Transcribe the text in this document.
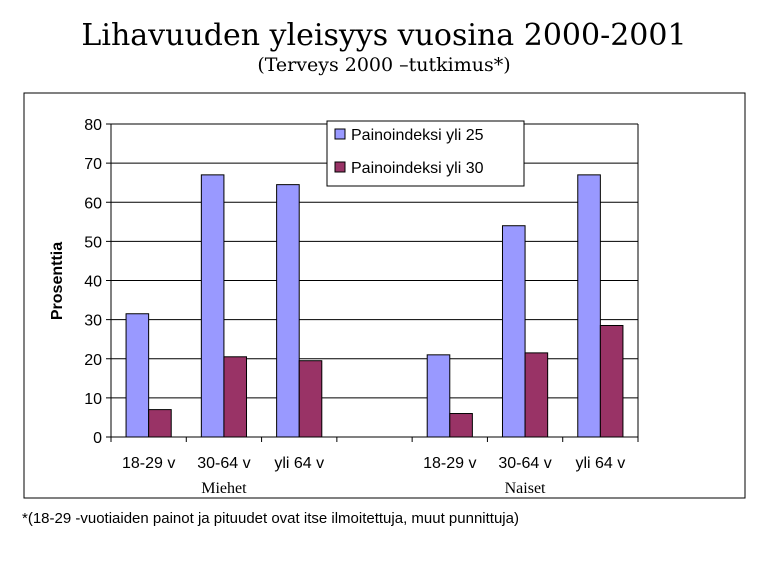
Lihavuuden yleisyys vuosina 2000-2001
(Terveys 2000 –tutkimus*)
0
10
20
30
40
50
60
70
80
18-29 v 30-64 v yli 64 v	18-29 v 30-64 v yli 64 v
Miehet	Naiset
Prosenttia
Painoindeksi yli 25
Painoindeksi yli 30
*(18-29 -vuotiaiden painot ja pituudet ovat itse ilmoitettuja, muut punnittuja)
